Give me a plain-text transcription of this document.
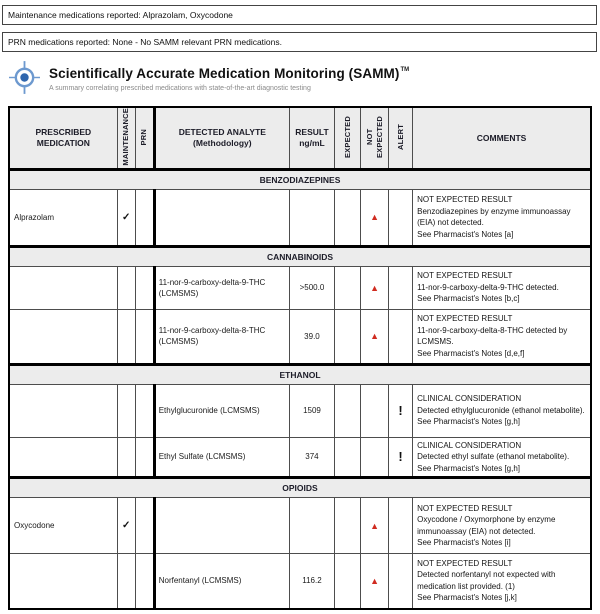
Maintenance medications reported: Alprazolam, Oxycodone
PRN medications reported: None - No SAMM relevant PRN medications.
Scientifically Accurate Medication Monitoring (SAMM)™
A summary correlating prescribed medications with state-of-the-art diagnostic testing
PRESCRIBED
MEDICATION	MAINTENANCE	PRN	DETECTED ANALYTE
(Methodology)	RESULT
ng/mL	EXPECTED	NOT EXPECTED	ALERT	COMMENTS
BENZODIAZEPINES								
Alprazolam	✓					▲		NOT EXPECTED RESULT
Benzodiazepines by enzyme immunoassay (EIA) not detected.
See Pharmacist's Notes [a]

CANNABINOIDS								
			11-nor-9-carboxy-delta-9-THC (LCMSMS)	>500.0		▲		NOT EXPECTED RESULT
11-nor-9-carboxy-delta-9-THC detected.
See Pharmacist's Notes [b,c]

			11-nor-9-carboxy-delta-8-THC (LCMSMS)	39.0		▲		NOT EXPECTED RESULT
11-nor-9-carboxy-delta-8-THC detected by LCMSMS.
See Pharmacist's Notes [d,e,f]

ETHANOL								
			Ethylglucuronide (LCMSMS)	1509			!	CLINICAL CONSIDERATION
Detected ethylglucuronide (ethanol metabolite).
See Pharmacist's Notes [g,h]

			Ethyl Sulfate (LCMSMS)	374			!	CLINICAL CONSIDERATION
Detected ethyl sulfate (ethanol metabolite).
See Pharmacist's Notes [g,h]

OPIOIDS								
Oxycodone	✓					▲		NOT EXPECTED RESULT
Oxycodone / Oxymorphone by enzyme immunoassay (EIA) not detected.
See Pharmacist's Notes [i]

			Norfentanyl (LCMSMS)	116.2		▲		NOT EXPECTED RESULT
Detected norfentanyl not expected with medication list provided. (1)
See Pharmacist's Notes [j,k]
